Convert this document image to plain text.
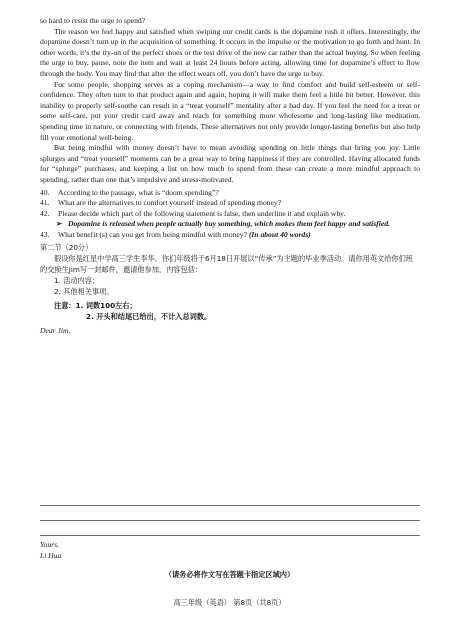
so hard to resist the urge to spend?

The reason we feel happy and satisfied when swiping our credit cards is the dopamine rush it offers. Interestingly, the dopamine doesn’t turn up in the acquisition of something. It occurs in the impulse or the motivation to go forth and hunt. In other words, it’s the try-on of the perfect shoes or the test drive of the new car rather than the actual buying. So when feeling the urge to buy, pause, note the item and wait at least 24 hours before acting, allowing time for dopamine’s effect to flow through the body. You may find that after the effect wears off, you don’t have the urge to buy.

For some people, shopping serves as a coping mechanism—a way to find comfort and build self-esteem or self-confidence. They often turn to that product again and again, hoping it will make them feel a little bit better. However, this inability to properly self-soothe can result in a “treat yourself” mentality after a bad day. If you feel the need for a treat or some self-care, put your credit card away and reach for something more wholesome and long-lasting like meditation, spending time in nature, or connecting with friends. These alternatives not only provide longer-lasting benefits but also help fill your emotional well-being.

But being mindful with money doesn’t have to mean avoiding spending on little things that bring you joy. Little splurges and “treat yourself” moments can be a great way to bring happiness if they are controlled. Having allocated funds for “splurge” purchases, and keeping a list on how much to spend from these can create a more mindful approach to spending, rather than one that’s impulsive and stress-motivated.

40. According to the passage, what is “doom spending”?
41. What are the alternatives to comfort yourself instead of spending money?
42. Please decide which part of the following statement is false, then underline it and explain why.
➢ Dopamine is released when people actually buy something, which makes them feel happy and satisfied.
43. What benefit (s) can you get from being mindful with money? (In about 40 words)
第二节（20分）
假设你是红星中学高三学生李华。你们年级将于6月18日开展以“传承”为主题的毕业季活动。请你用英文给你们班的交换生Jim写一封邮件，邀请他参加，内容包括：
1. 活动内容；
2. 其他相关事项。
注意：1. 词数100左右；
2. 开头和结尾已给出，不计入总词数。
Dear Jim,
Yours,
Li Hua
（请务必将作文写在答题卡指定区域内）
高三年级（英语） 第8页（共8页）
